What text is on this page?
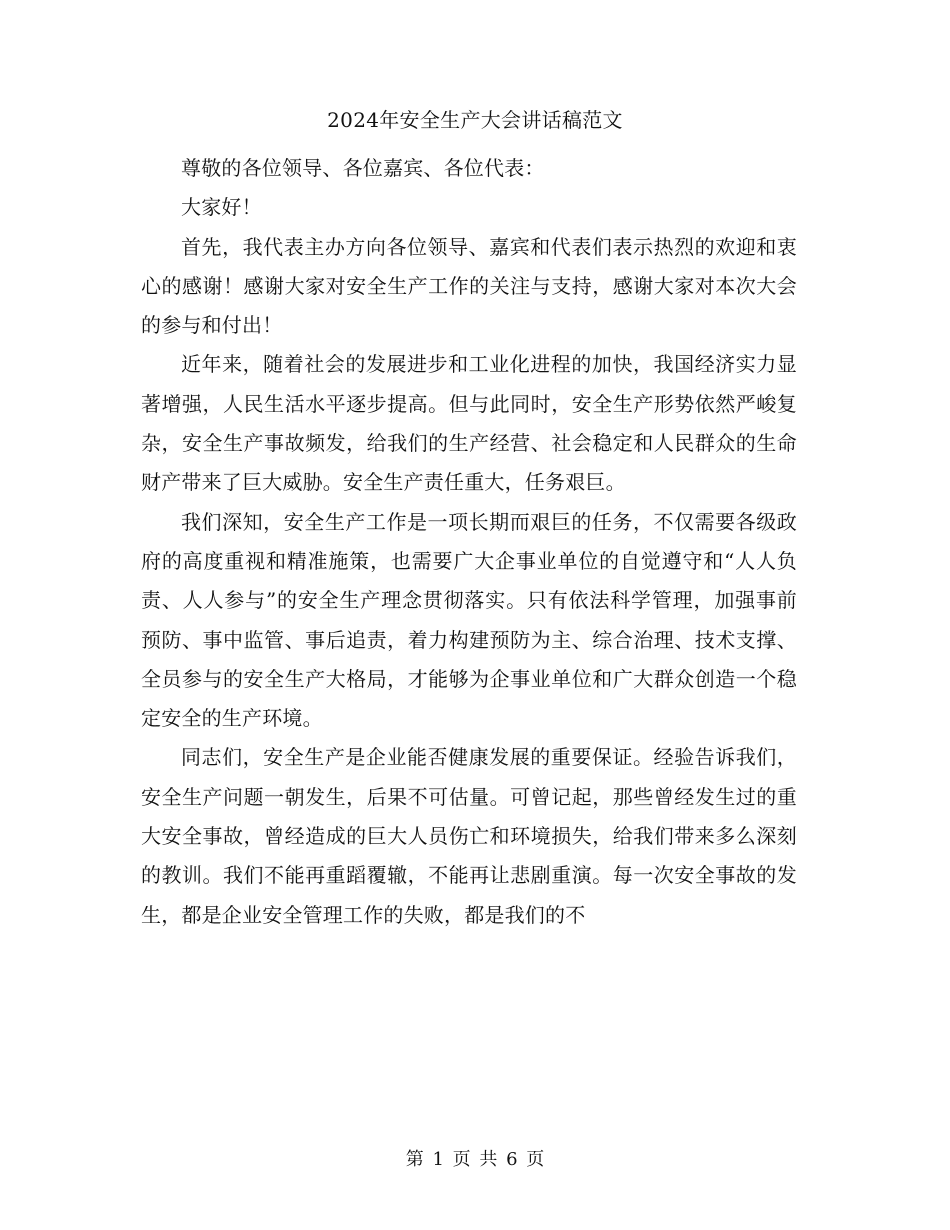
2024年安全生产大会讲话稿范文

尊敬的各位领导、各位嘉宾、各位代表：

大家好！

首先，我代表主办方向各位领导、嘉宾和代表们表示热烈的欢迎和衷心的感谢！感谢大家对安全生产工作的关注与支持，感谢大家对本次大会的参与和付出！

近年来，随着社会的发展进步和工业化进程的加快，我国经济实力显著增强，人民生活水平逐步提高。但与此同时，安全生产形势依然严峻复杂，安全生产事故频发，给我们的生产经营、社会稳定和人民群众的生命财产带来了巨大威胁。安全生产责任重大，任务艰巨。

我们深知，安全生产工作是一项长期而艰巨的任务，不仅需要各级政府的高度重视和精准施策，也需要广大企事业单位的自觉遵守和“人人负责、人人参与”的安全生产理念贯彻落实。只有依法科学管理，加强事前预防、事中监管、事后追责，着力构建预防为主、综合治理、技术支撑、全员参与的安全生产大格局，才能够为企事业单位和广大群众创造一个稳定安全的生产环境。

同志们，安全生产是企业能否健康发展的重要保证。经验告诉我们，安全生产问题一朝发生，后果不可估量。可曾记起，那些曾经发生过的重大安全事故，曾经造成的巨大人员伤亡和环境损失，给我们带来多么深刻的教训。我们不能再重蹈覆辙，不能再让悲剧重演。每一次安全事故的发生，都是企业安全管理工作的失败，都是我们的不

第 1 页 共 6 页
